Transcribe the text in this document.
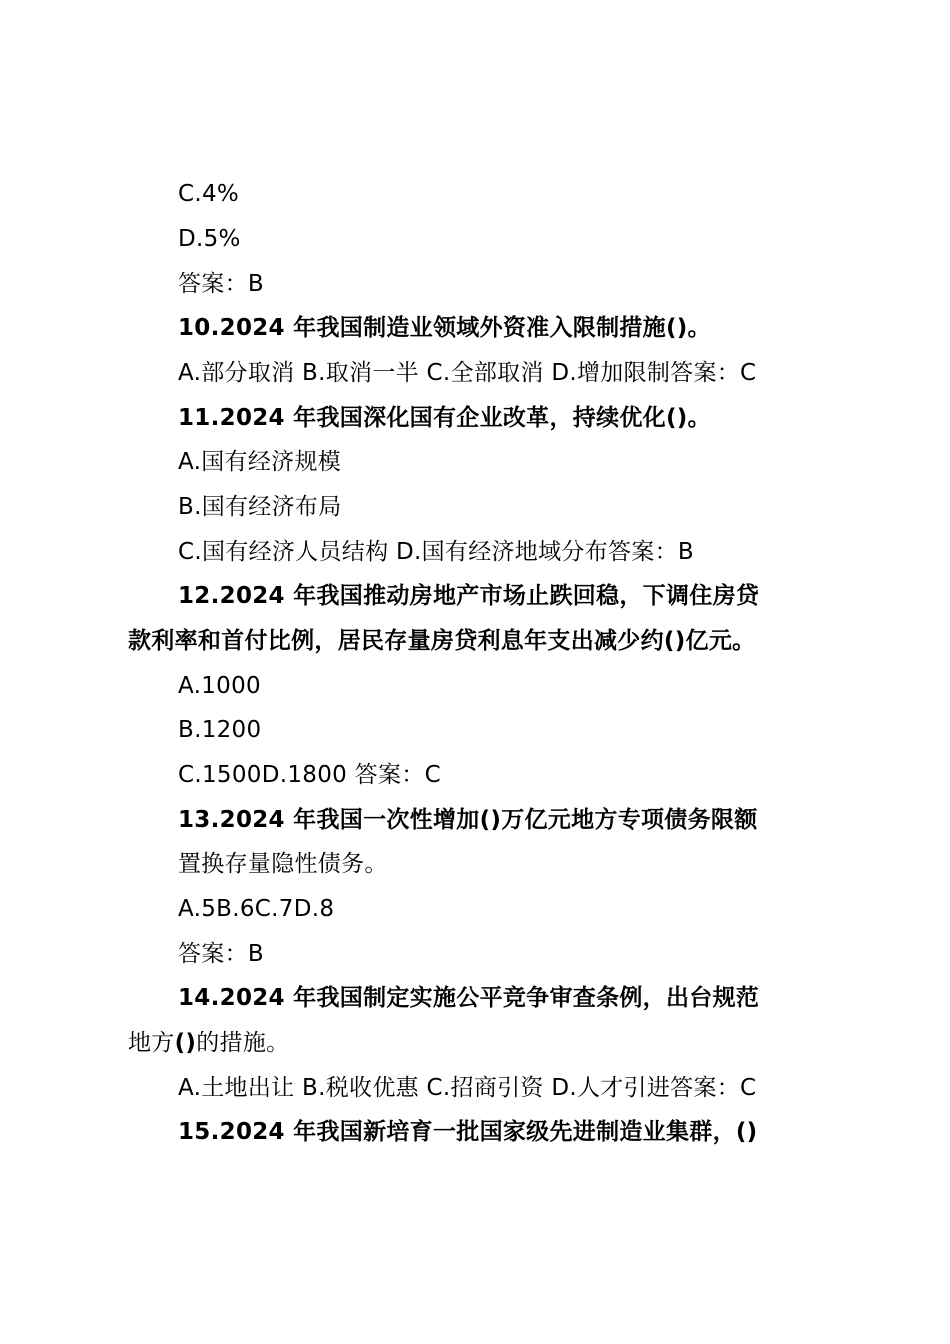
C.4%
D.5%
答案：B
10.2024 年我国制造业领域外资准入限制措施()。
A.部分取消 B.取消一半 C.全部取消 D.增加限制答案：C
11.2024 年我国深化国有企业改革，持续优化()。
A.国有经济规模
B.国有经济布局
C.国有经济人员结构 D.国有经济地域分布答案：B
12.2024 年我国推动房地产市场止跌回稳，下调住房贷
款利率和首付比例，居民存量房贷利息年支出减少约()亿元。
A.1000
B.1200
C.1500D.1800 答案：C
13.2024 年我国一次性增加()万亿元地方专项债务限额
置换存量隐性债务。
A.5B.6C.7D.8
答案：B
14.2024 年我国制定实施公平竞争审查条例，出台规范
地方()的措施。
A.土地出让 B.税收优惠 C.招商引资 D.人才引进答案：C
15.2024 年我国新培育一批国家级先进制造业集群，()
